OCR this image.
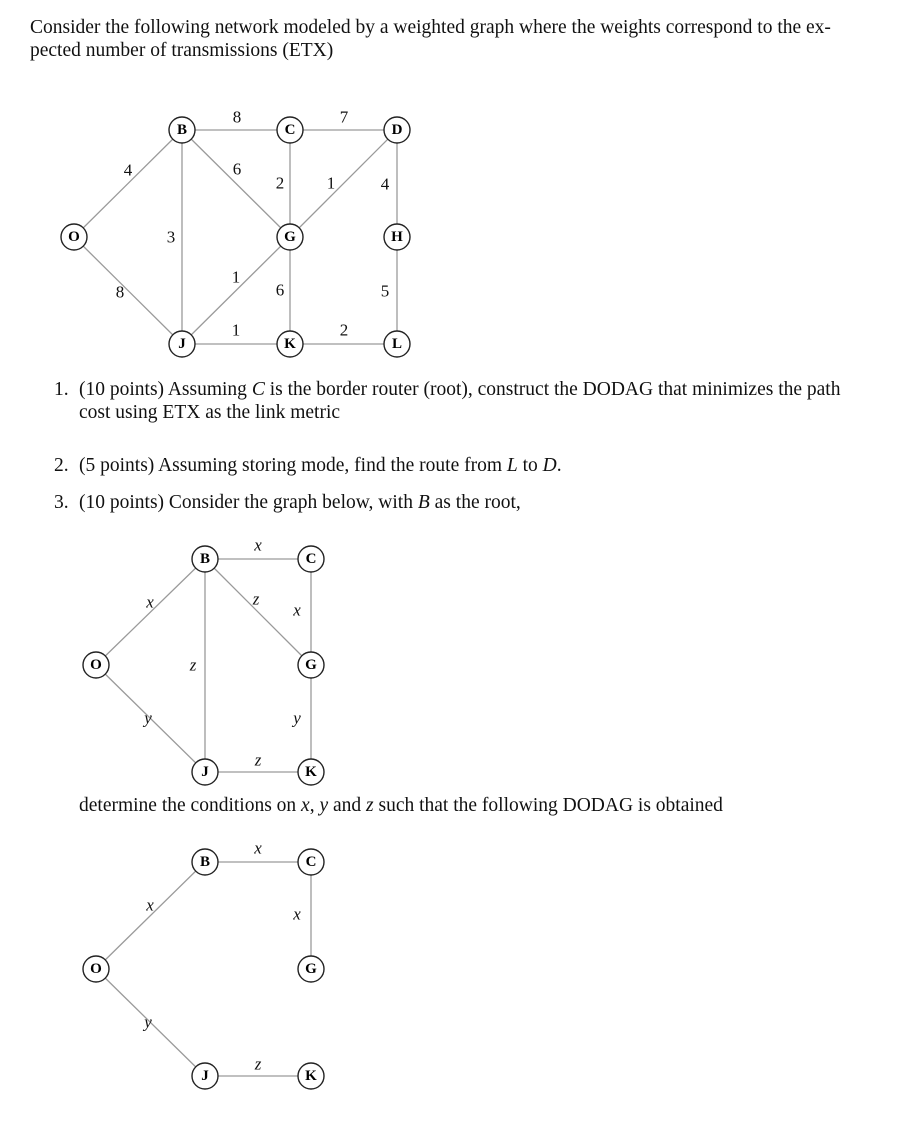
Consider the following network modeled by a weighted graph where the weights correspond to the ex-
pected number of transmissions (ETX)
4
8
8
3
6
2
7
1	4
1
6
1	2
5
O
B	C	D
G	H
J	K	L
x
x	z
x
z
y	y
z
O
B	C
G
J	K
x
x	x
y
z
O
B	C
G
J	K
1. (10 points) Assuming C is the border router (root), construct the DODAG that minimizes the path
cost using ETX as the link metric
2. (5 points) Assuming storing mode, find the route from L to D.
3. (10 points) Consider the graph below, with B as the root,
determine the conditions on x, y and z such that the following DODAG is obtained
